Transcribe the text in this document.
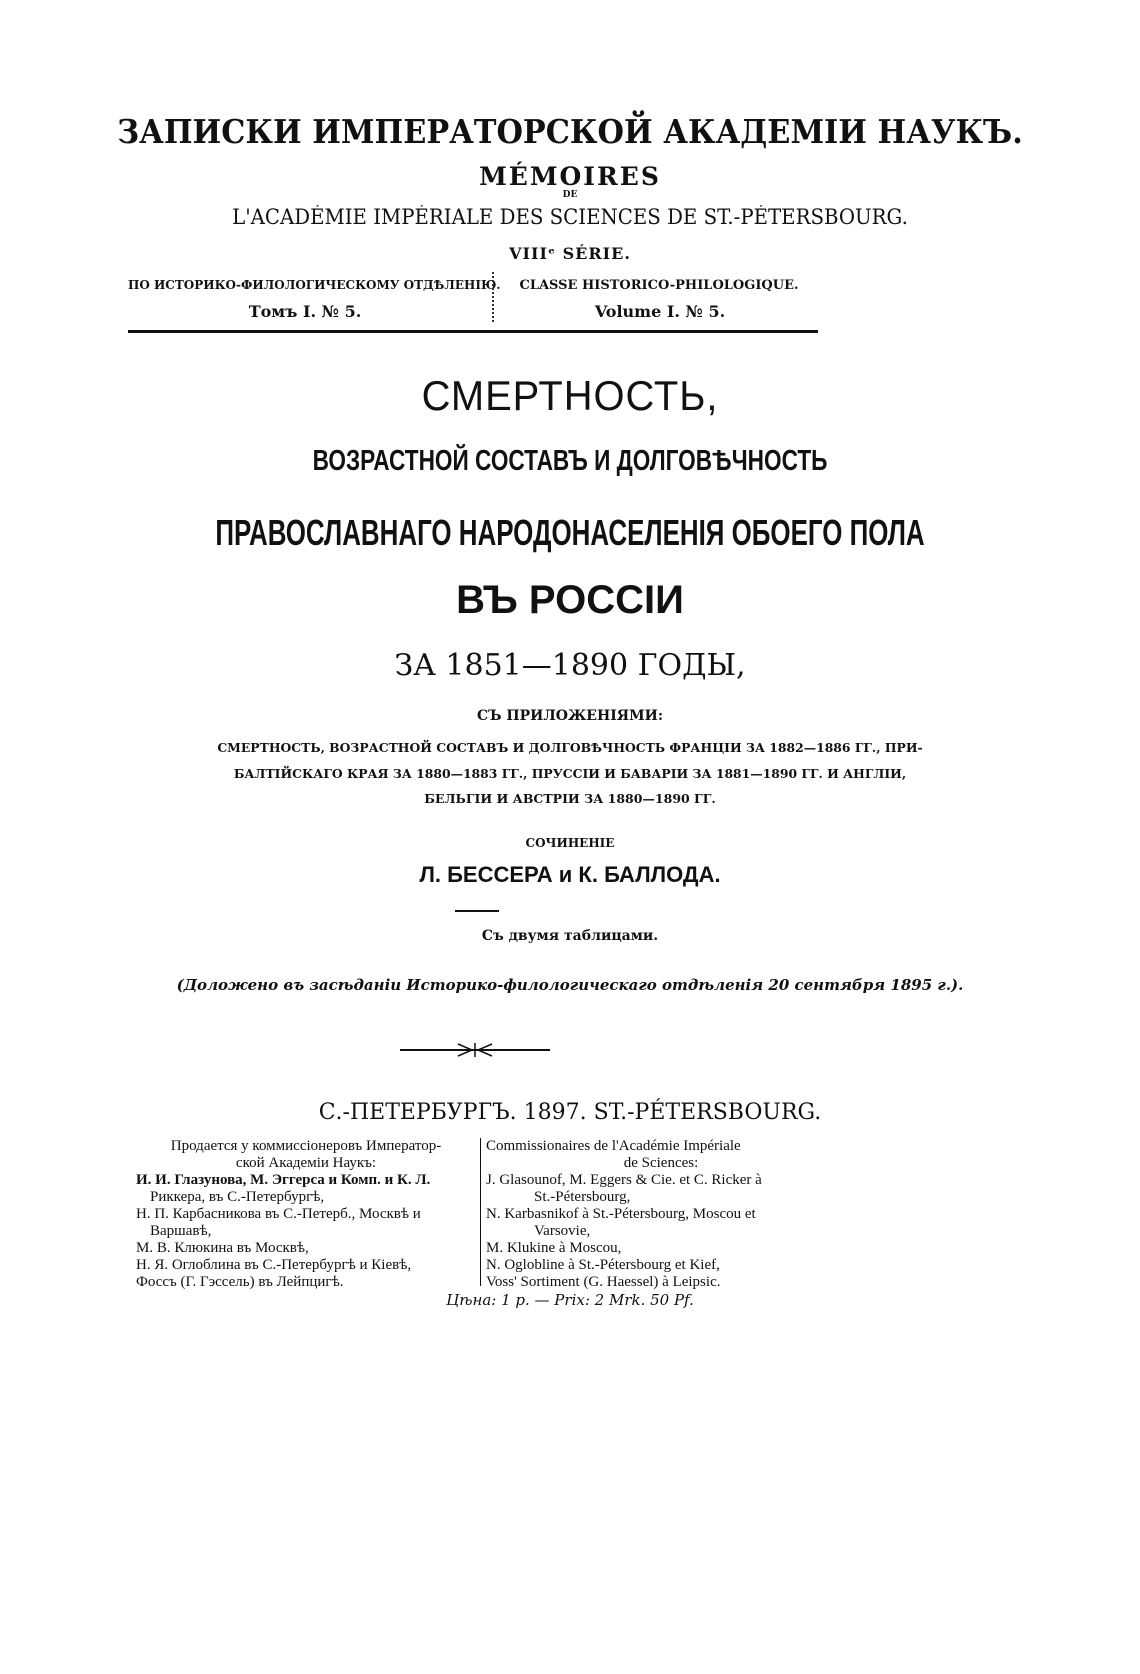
ЗАПИСКИ ИМПЕРАТОРСКОЙ АКАДЕМІИ НАУКЪ.
MÉMOIRES
DE
L'ACADÉMIE IMPÉRIALE DES SCIENCES DE ST.-PÉTERSBOURG.
VIIIᵉ SÉRIE.
ПО ИСТОРИКО-ФИЛОЛОГИЧЕСКОМУ ОТДѢЛЕНІЮ.	CLASSE HISTORICO-PHILOLOGIQUE.
Томъ I. № 5.	Volume I. № 5.
СМЕРТНОСТЬ,
ВОЗРАСТНОЙ СОСТАВЪ И ДОЛГОВѢЧНОСТЬ
ПРАВОСЛАВНАГО НАРОДОНАСЕЛЕНІЯ ОБОЕГО ПОЛА
ВЪ РОССІИ
ЗА 1851—1890 ГОДЫ,
СЪ ПРИЛОЖЕНІЯМИ:
СМЕРТНОСТЬ, ВОЗРАСТНОЙ СОСТАВЪ И ДОЛГОВѢЧНОСТЬ ФРАНЦІИ ЗА 1882—1886 ГГ., ПРИ-
БАЛТІЙСКАГО КРАЯ ЗА 1880—1883 ГГ., ПРУССІИ И БАВАРІИ ЗА 1881—1890 ГГ. И АНГЛІИ,
БЕЛЬГІИ И АВСТРІИ ЗА 1880—1890 ГГ.
СОЧИНЕНІЕ
Л. БЕССЕРА и К. БАЛЛОДА.
Съ двумя таблицами.
(Доложено въ засѣданіи Историко-филологическаго отдѣленія 20 сентября 1895 г.).
С.-ПЕТЕРБУРГЪ. 1897. ST.-PÉTERSBOURG.
Продается у коммиссіонеровъ Император-
ской Академіи Наукъ:
И. И. Глазунова, М. Эггерса и Комп. и К. Л.
Риккера, въ С.-Петербургѣ,
Н. П. Карбасникова въ С.-Петерб., Москвѣ и
Варшавѣ,
М. В. Клюкина въ Москвѣ,
Н. Я. Оглоблина въ С.-Петербургѣ и Кіевѣ,
Фоссъ (Г. Гэссель) въ Лейпцигѣ.
Commissionaires de l'Académie Impériale
de Sciences:
J. Glasounof, M. Eggers & Cie. et C. Ricker à
St.-Pétersbourg,
N. Karbasnikof à St.-Pétersbourg, Moscou et
Varsovie,
M. Klukine à Moscou,
N. Oglobline à St.-Pétersbourg et Kief,
Voss' Sortiment (G. Haessel) à Leipsic.
Цѣна: 1 р. — Prix: 2 Mrk. 50 Pf.
